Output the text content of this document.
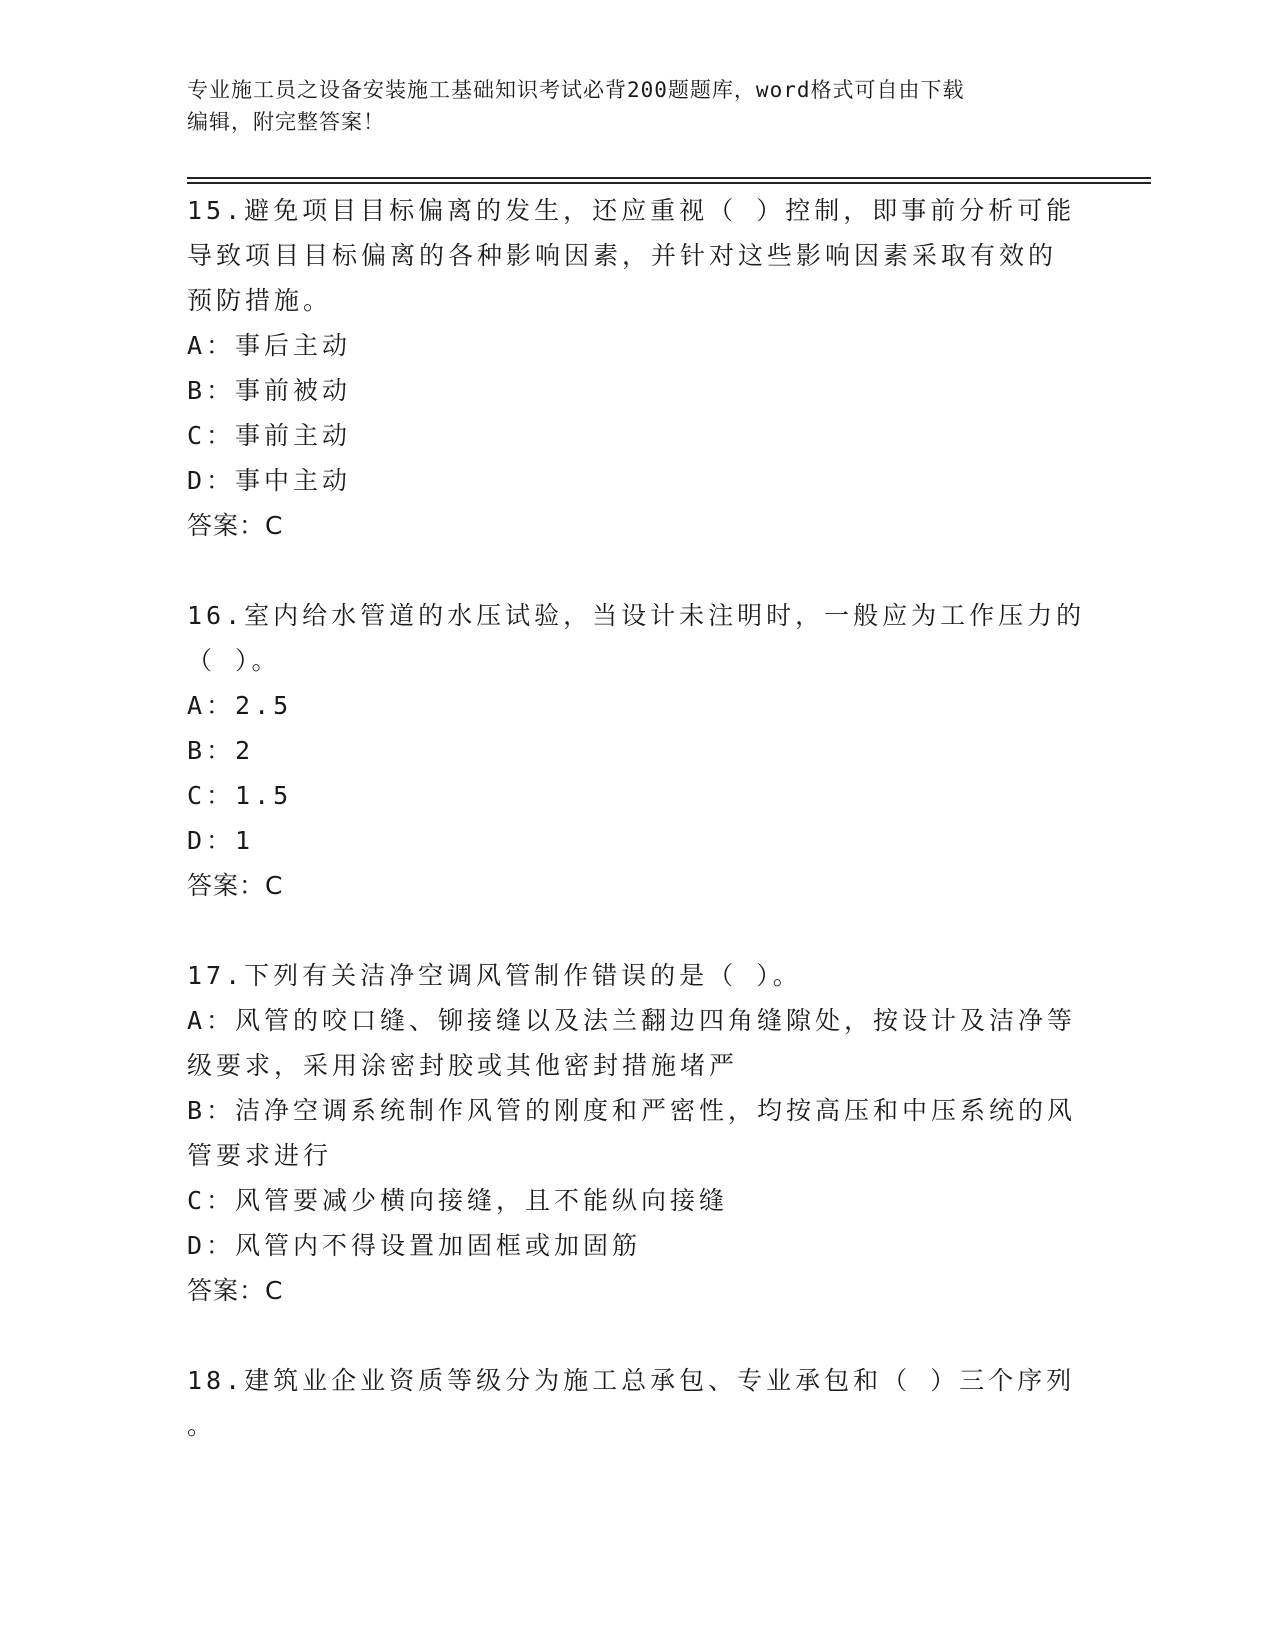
专业施工员之设备安装施工基础知识考试必背200题题库，word格式可自由下载
编辑，附完整答案！
15.避免项目目标偏离的发生，还应重视（ ）控制，即事前分析可能
导致项目目标偏离的各种影响因素，并针对这些影响因素采取有效的
预防措施。
A：事后主动
B：事前被动
C：事前主动
D：事中主动
答案：C
16.室内给水管道的水压试验，当设计未注明时，一般应为工作压力的
（ ）。
A：2.5
B：2
C：1.5
D：1
答案：C
17.下列有关洁净空调风管制作错误的是（ ）。
A：风管的咬口缝、铆接缝以及法兰翻边四角缝隙处，按设计及洁净等
级要求，采用涂密封胶或其他密封措施堵严
B：洁净空调系统制作风管的刚度和严密性，均按高压和中压系统的风
管要求进行
C：风管要减少横向接缝，且不能纵向接缝
D：风管内不得设置加固框或加固筋
答案：C
18.建筑业企业资质等级分为施工总承包、专业承包和（ ）三个序列
。
